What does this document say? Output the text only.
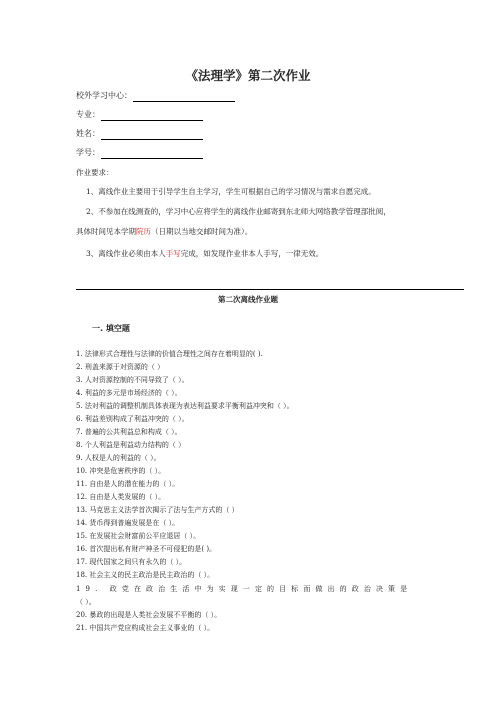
《法理学》第二次作业
校外学习中心：
专业：
姓名：
学号：
作业要求：
1、离线作业主要用于引导学生自主学习，学生可根据自己的学习情况与需求自愿完成。
2、不参加在线测查的，学习中心应将学生的离线作业邮寄到东北师大网络教学管理部批阅，
具体时间见本学期院历（日期以当地交邮时间为准）。
3、离线作业必须由本人手写完成，如发现作业非本人手写，一律无效。
第二次离线作业题
一. 填空题
1. 法律形式合理性与法律的价值合理性之间存在着明显的( ).
2. 刑盖来源于对资源的（ ）
3. 人对资源控制的不同导致了（ ）。
4. 利益的多元是市场经济的（ ）。
5. 法对利益的调整机制具体表现为表达利益要求平衡利益冲突和（ ）。
6. 利益差别构成了利益冲突的（ ）。
7. 普遍的公共利益总和构成（ ）。
8. 个人利益是利益动力结构的（ ）
9. 人权是人的利益的（ ）。
10. 冲突是危害秩序的（ ）。
11. 自由是人的潜在能力的（ ）。
12. 自由是人类发展的（ ）。
13. 马克思主义法学首次揭示了法与生产方式的（ ）
14. 货币得到普遍发展是在（ ）。
15. 在发展社会财富前公平应退居（ ）。
16. 首次提出私有财产神圣不可侵犯的是( )。
17. 现代国家之间只有永久的（ ）。
18. 社会主义的民主政治是民主政治的（ ）。
19. 政党在政治生活中为实现一定的目标而做出的政治决策是
（ ）。
20. 暴政的出现是人类社会发展不平衡的（ ）。
21. 中国共产党应构成社会主义事业的（ ）。
